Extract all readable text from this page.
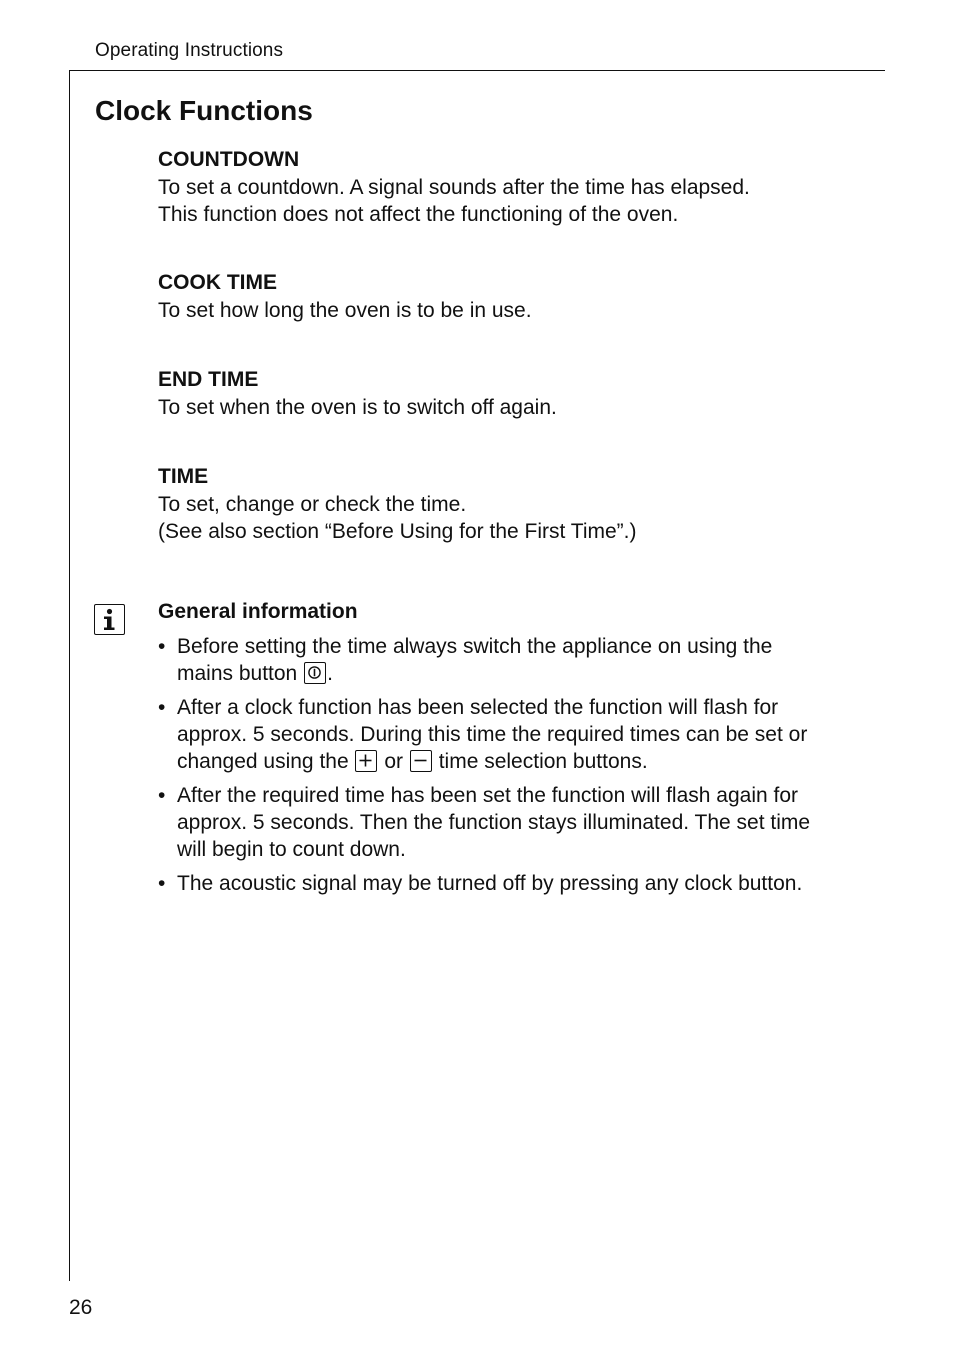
Operating Instructions
Clock Functions

COUNTDOWN

To set a countdown. A signal sounds after the time has elapsed.

This function does not affect the functioning of the oven.

COOK TIME

To set how long the oven is to be in use.

END TIME

To set when the oven is to switch off again.

TIME

To set, change or check the time.

(See also section “Before Using for the First Time”.)

General information

• Before setting the time always switch the appliance on using the

mains button .

• After a clock function has been selected the function will flash for

approx. 5 seconds. During this time the required times can be set or

changed using the or time selection buttons.

• After the required time has been set the function will flash again for

approx. 5 seconds. Then the function stays illuminated. The set time

will begin to count down.

• The acoustic signal may be turned off by pressing any clock button.

26
